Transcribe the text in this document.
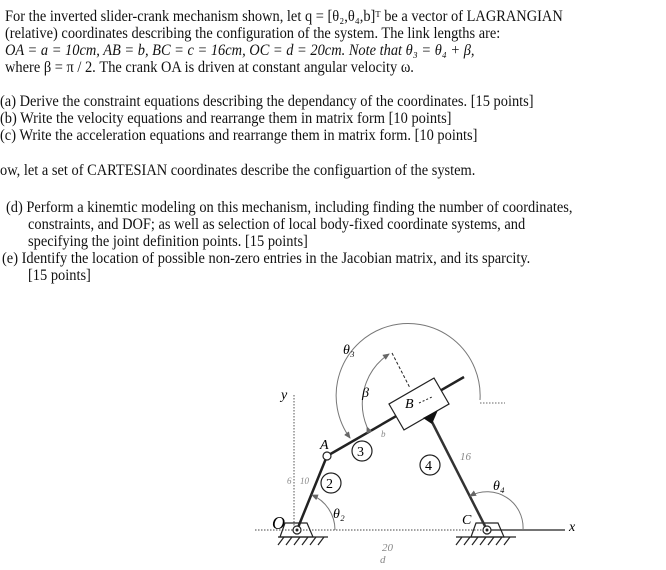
For the inverted slider-crank mechanism shown, let q = [θ₂,θ₄,b]ᵀ be a vector of LAGRANGIAN
(relative) coordinates describing the configuration of the system. The link lengths are:
OA = a = 10cm, AB = b, BC = c = 16cm, OC = d = 20cm. Note that θ₃ = θ₄ + β,
where β = π / 2. The crank OA is driven at constant angular velocity ω.
(a) Derive the constraint equations describing the dependancy of the coordinates. [15 points]
(b) Write the velocity equations and rearrange them in matrix form [10 points]
(c) Write the acceleration equations and rearrange them in matrix form. [10 points]
ow, let a set of CARTESIAN coordinates describe the configuartion of the system.
(d) Perform a kinemtic modeling on this mechanism, including finding the number of coordinates,
constraints, and DOF; as well as selection of local body-fixed coordinate systems, and
specifying the joint definition points. [15 points]
(e) Identify the location of possible non-zero entries in the Jacobian matrix, and its sparcity.
[15 points]
x
y
O
A
B
C
θ₃
β
θ₂
θ₄
2
3
4
6 10
b
16
20
d
